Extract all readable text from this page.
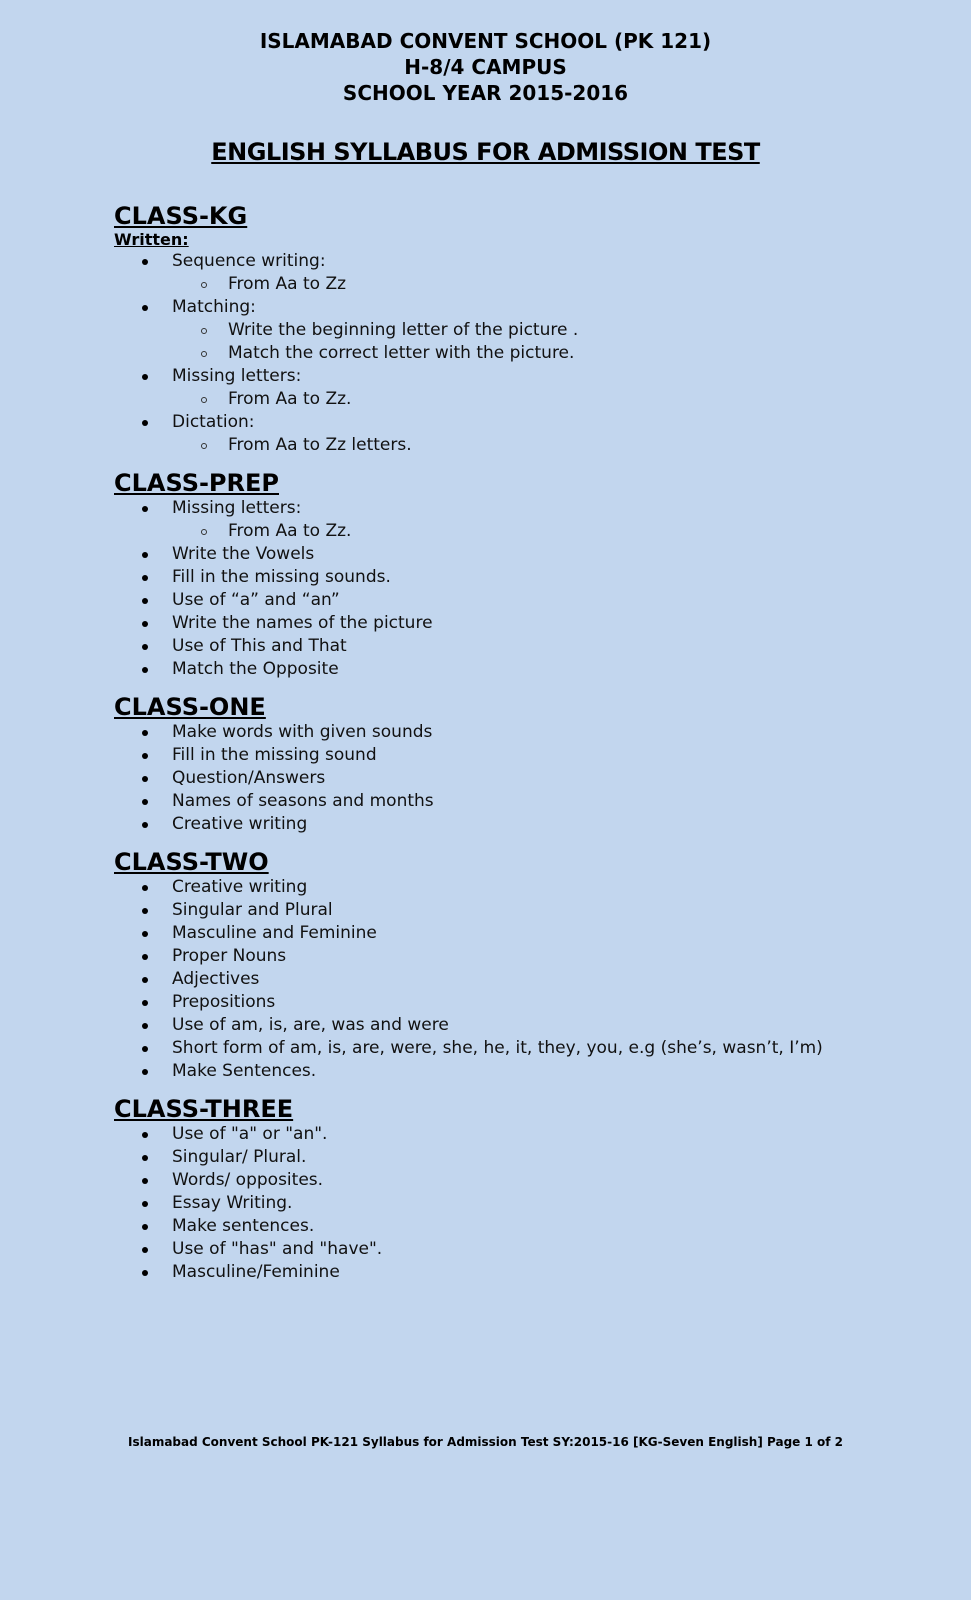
ISLAMABAD CONVENT SCHOOL (PK 121)
H-8/4 CAMPUS
SCHOOL YEAR 2015-2016
ENGLISH SYLLABUS FOR ADMISSION TEST
CLASS-KG
Written:
Sequence writing:
From Aa to Zz
Matching:
Write the beginning letter of the picture .
Match the correct letter with the picture.
Missing letters:
From Aa to Zz.
Dictation:
From Aa to Zz letters.
CLASS-PREP
Missing letters:
From Aa to Zz.
Write the Vowels
Fill in the missing sounds.
Use of “a” and “an”
Write the names of the picture
Use of This and That
Match the Opposite
CLASS-ONE
Make words with given sounds
Fill in the missing sound
Question/Answers
Names of seasons and months
Creative writing
CLASS-TWO
Creative writing
Singular and Plural
Masculine and Feminine
Proper Nouns
Adjectives
Prepositions
Use of am, is, are, was and were
Short form of am, is, are, were, she, he, it, they, you, e.g (she’s, wasn’t, I’m)
Make Sentences.
CLASS-THREE
Use of "a" or "an".
Singular/ Plural.
Words/ opposites.
Essay Writing.
Make sentences.
Use of "has" and "have".
Masculine/Feminine
Islamabad Convent School PK-121 Syllabus for Admission Test SY:2015-16 [KG-Seven English] Page 1 of 2
